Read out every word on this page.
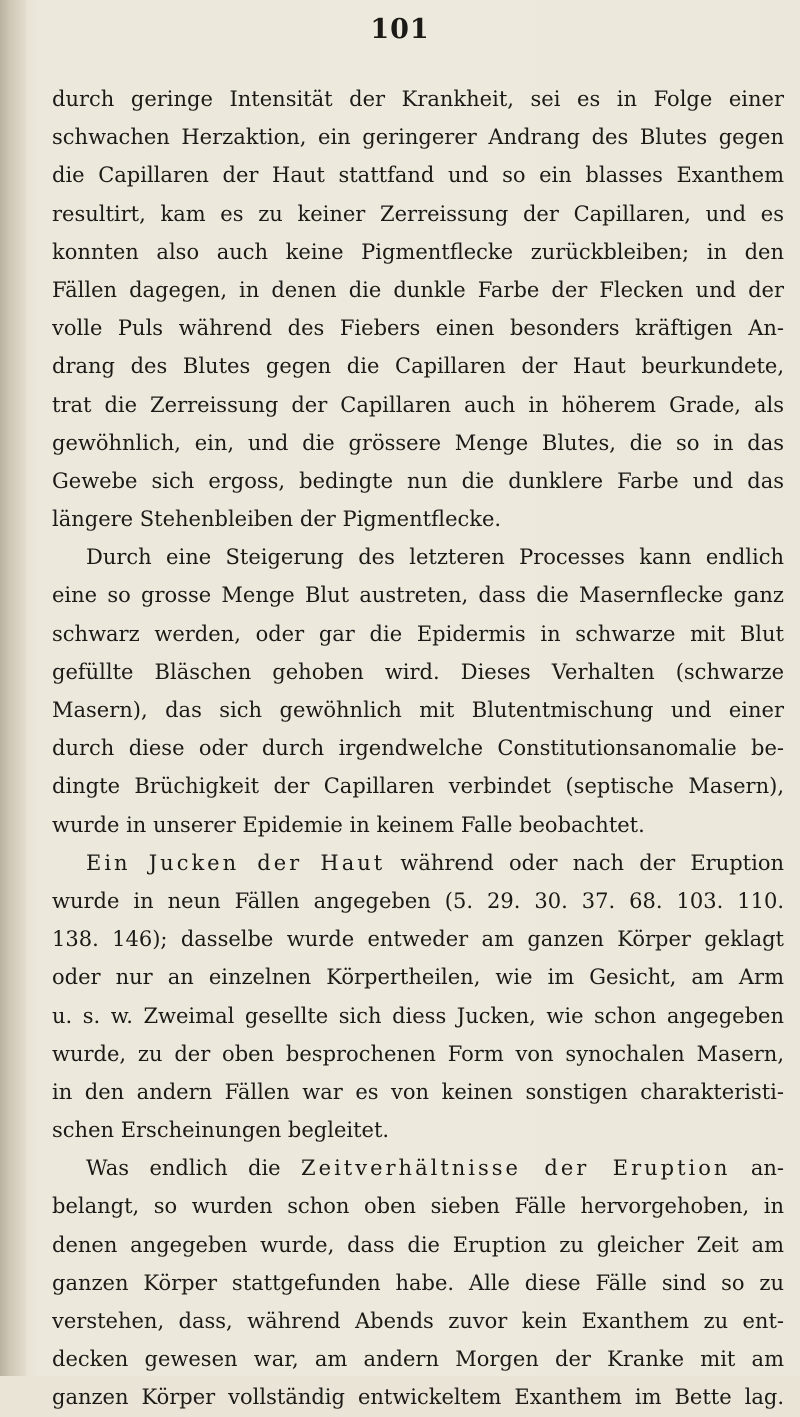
101
durch geringe Intensität der Krankheit, sei es in Folge einer
schwachen Herzaktion, ein geringerer Andrang des Blutes gegen
die Capillaren der Haut stattfand und so ein blasses Exanthem
resultirt, kam es zu keiner Zerreissung der Capillaren, und es
konnten also auch keine Pigmentflecke zurückbleiben; in den
Fällen dagegen, in denen die dunkle Farbe der Flecken und der
volle Puls während des Fiebers einen besonders kräftigen An-
drang des Blutes gegen die Capillaren der Haut beurkundete,
trat die Zerreissung der Capillaren auch in höherem Grade, als
gewöhnlich, ein, und die grössere Menge Blutes, die so in das
Gewebe sich ergoss, bedingte nun die dunklere Farbe und das
längere Stehenbleiben der Pigmentflecke.
Durch eine Steigerung des letzteren Processes kann endlich
eine so grosse Menge Blut austreten, dass die Masernflecke ganz
schwarz werden, oder gar die Epidermis in schwarze mit Blut
gefüllte Bläschen gehoben wird. Dieses Verhalten (schwarze
Masern), das sich gewöhnlich mit Blutentmischung und einer
durch diese oder durch irgendwelche Constitutionsanomalie be-
dingte Brüchigkeit der Capillaren verbindet (septische Masern),
wurde in unserer Epidemie in keinem Falle beobachtet.
Ein Jucken der Haut während oder nach der Eruption
wurde in neun Fällen angegeben (5. 29. 30. 37. 68. 103. 110.
138. 146); dasselbe wurde entweder am ganzen Körper geklagt
oder nur an einzelnen Körpertheilen, wie im Gesicht, am Arm
u. s. w. Zweimal gesellte sich diess Jucken, wie schon angegeben
wurde, zu der oben besprochenen Form von synochalen Masern,
in den andern Fällen war es von keinen sonstigen charakteristi-
schen Erscheinungen begleitet.
Was endlich die Zeitverhältnisse der Eruption an-
belangt, so wurden schon oben sieben Fälle hervorgehoben, in
denen angegeben wurde, dass die Eruption zu gleicher Zeit am
ganzen Körper stattgefunden habe. Alle diese Fälle sind so zu
verstehen, dass, während Abends zuvor kein Exanthem zu ent-
decken gewesen war, am andern Morgen der Kranke mit am
ganzen Körper vollständig entwickeltem Exanthem im Bette lag.
